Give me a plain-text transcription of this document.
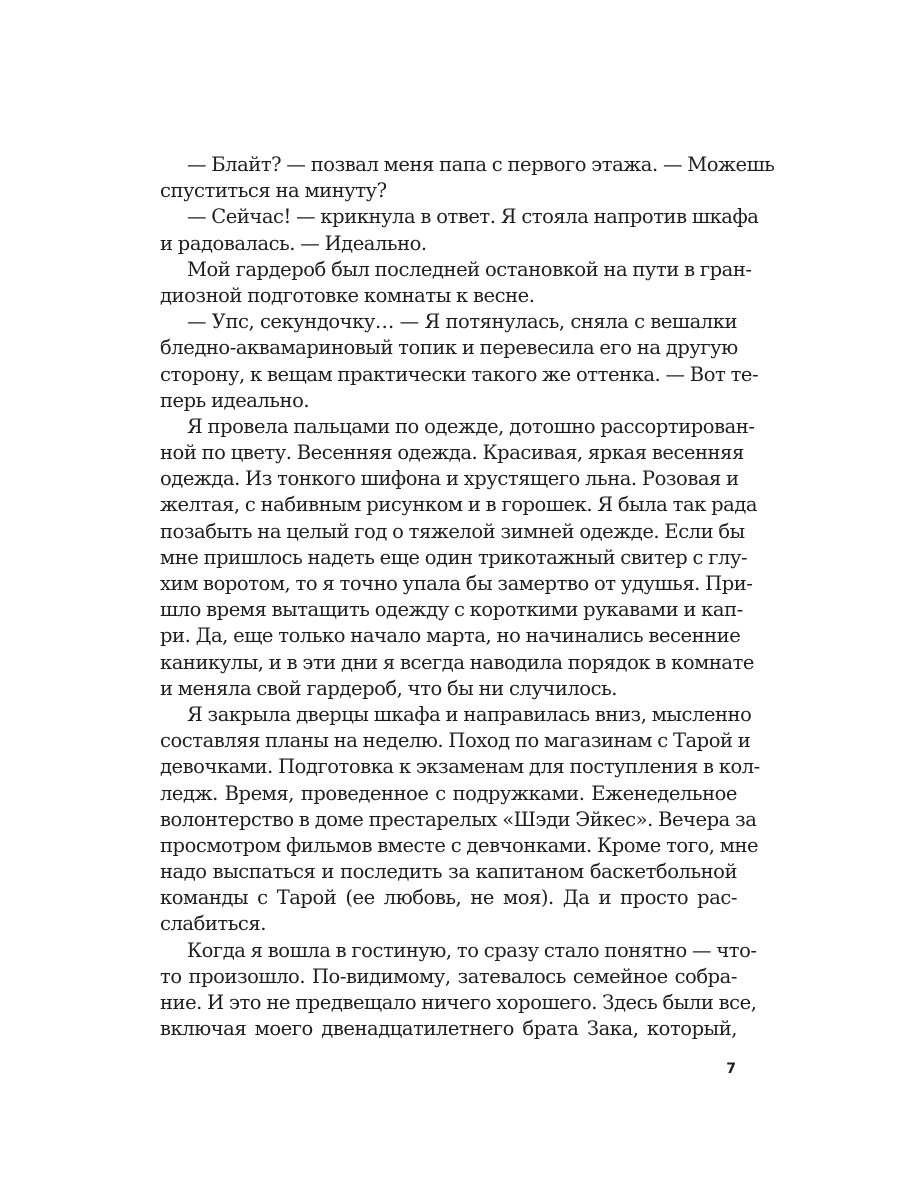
— Блайт? — позвал меня папа с первого этажа. — Можешь
спуститься на минуту?
— Сейчас! — крикнула в ответ. Я стояла напротив шкафа
и радовалась. — Идеально.
Мой гардероб был последней остановкой на пути в гран-
диозной подготовке комнаты к весне.
— Упс, секундочку… — Я потянулась, сняла с вешалки
бледно-аквамариновый топик и перевесила его на другую
сторону, к вещам практически такого же оттенка. — Вот те-
перь идеально.
Я провела пальцами по одежде, дотошно рассортирован-
ной по цвету. Весенняя одежда. Красивая, яркая весенняя
одежда. Из тонкого шифона и хрустящего льна. Розовая и
желтая, с набивным рисунком и в горошек. Я была так рада
позабыть на целый год о тяжелой зимней одежде. Если бы
мне пришлось надеть еще один трикотажный свитер с глу-
хим воротом, то я точно упала бы замертво от удушья. При-
шло время вытащить одежду с короткими рукавами и кап-
ри. Да, еще только начало марта, но начинались весенние
каникулы, и в эти дни я всегда наводила порядок в комнате
и меняла свой гардероб, что бы ни случилось.
Я закрыла дверцы шкафа и направилась вниз, мысленно
составляя планы на неделю. Поход по магазинам с Тарой и
девочками. Подготовка к экзаменам для поступления в кол-
ледж. Время, проведенное с подружками. Еженедельное
волонтерство в доме престарелых «Шэди Эйкес». Вечера за
просмотром фильмов вместе с девчонками. Кроме того, мне
надо выспаться и последить за капитаном баскетбольной
команды с Тарой (ее любовь, не моя). Да и просто рас-
слабиться.
Когда я вошла в гостиную, то сразу стало понятно — что-
то произошло. По-видимому, затевалось семейное собра-
ние. И это не предвещало ничего хорошего. Здесь были все,
включая моего двенадцатилетнего брата Зака, который,
7
